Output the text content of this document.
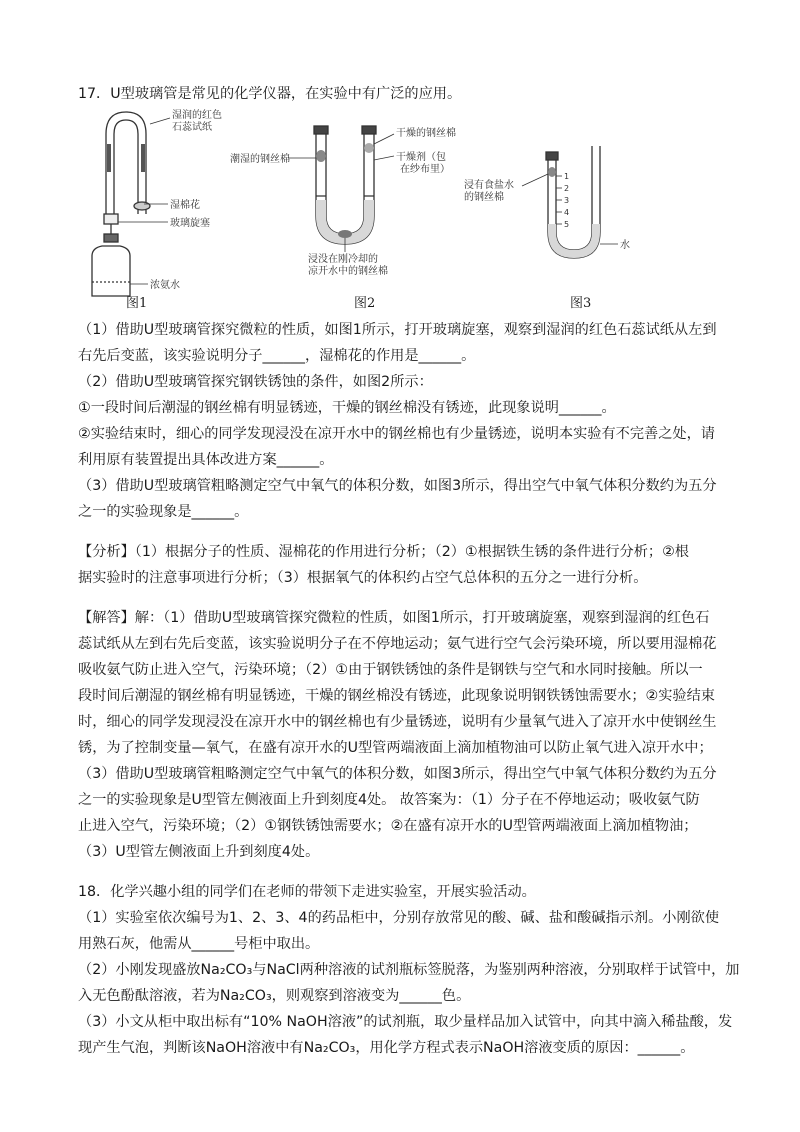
17．U型玻璃管是常见的化学仪器，在实验中有广泛的应用。
湿润的红色
石蕊试纸
湿棉花
玻璃旋塞
浓氨水
干燥的钢丝棉
潮湿的钢丝棉	干燥剂（包
在纱布里）
浸没在刚冷却的
凉开水中的钢丝棉
浸有食盐水
的钢丝棉
水
1
2
3
4
5
图1	图2	图3
（1）借助U型玻璃管探究微粒的性质，如图1所示，打开玻璃旋塞，观察到湿润的红色石蕊试纸从左到
右先后变蓝，该实验说明分子______，湿棉花的作用是______。
（2）借助U型玻璃管探究钢铁锈蚀的条件，如图2所示：
①一段时间后潮湿的钢丝棉有明显锈迹，干燥的钢丝棉没有锈迹，此现象说明______。
②实验结束时，细心的同学发现浸没在凉开水中的钢丝棉也有少量锈迹，说明本实验有不完善之处，请
利用原有装置提出具体改进方案______。
（3）借助U型玻璃管粗略测定空气中氧气的体积分数，如图3所示，得出空气中氧气体积分数约为五分
之一的实验现象是______。
【分析】（1）根据分子的性质、湿棉花的作用进行分析；（2）①根据铁生锈的条件进行分析；②根
据实验时的注意事项进行分析；（3）根据氧气的体积约占空气总体积的五分之一进行分析。
【解答】解：（1）借助U型玻璃管探究微粒的性质，如图1所示，打开玻璃旋塞，观察到湿润的红色石
蕊试纸从左到右先后变蓝，该实验说明分子在不停地运动；氨气进行空气会污染环境，所以要用湿棉花
吸收氨气防止进入空气，污染环境；（2）①由于钢铁锈蚀的条件是钢铁与空气和水同时接触。所以一
段时间后潮湿的钢丝棉有明显锈迹，干燥的钢丝棉没有锈迹，此现象说明钢铁锈蚀需要水；②实验结束
时，细心的同学发现浸没在凉开水中的钢丝棉也有少量锈迹，说明有少量氧气进入了凉开水中使钢丝生
锈，为了控制变量—氧气，在盛有凉开水的U型管两端液面上滴加植物油可以防止氧气进入凉开水中；
（3）借助U型玻璃管粗略测定空气中氧气的体积分数，如图3所示，得出空气中氧气体积分数约为五分
之一的实验现象是U型管左侧液面上升到刻度4处。 故答案为：（1）分子在不停地运动；吸收氨气防
止进入空气，污染环境；（2）①钢铁锈蚀需要水；②在盛有凉开水的U型管两端液面上滴加植物油；
（3）U型管左侧液面上升到刻度4处。
18．化学兴趣小组的同学们在老师的带领下走进实验室，开展实验活动。
（1）实验室依次编号为1、2、3、4的药品柜中，分别存放常见的酸、碱、盐和酸碱指示剂。小刚欲使
用熟石灰，他需从______号柜中取出。
（2）小刚发现盛放Na₂CO₃与NaCl两种溶液的试剂瓶标签脱落，为鉴别两种溶液，分别取样于试管中，加
入无色酚酞溶液，若为Na₂CO₃，则观察到溶液变为______色。
（3）小文从柜中取出标有“10% NaOH溶液”的试剂瓶，取少量样品加入试管中，向其中滴入稀盐酸，发
现产生气泡，判断该NaOH溶液中有Na₂CO₃，用化学方程式表示NaOH溶液变质的原因：______。
